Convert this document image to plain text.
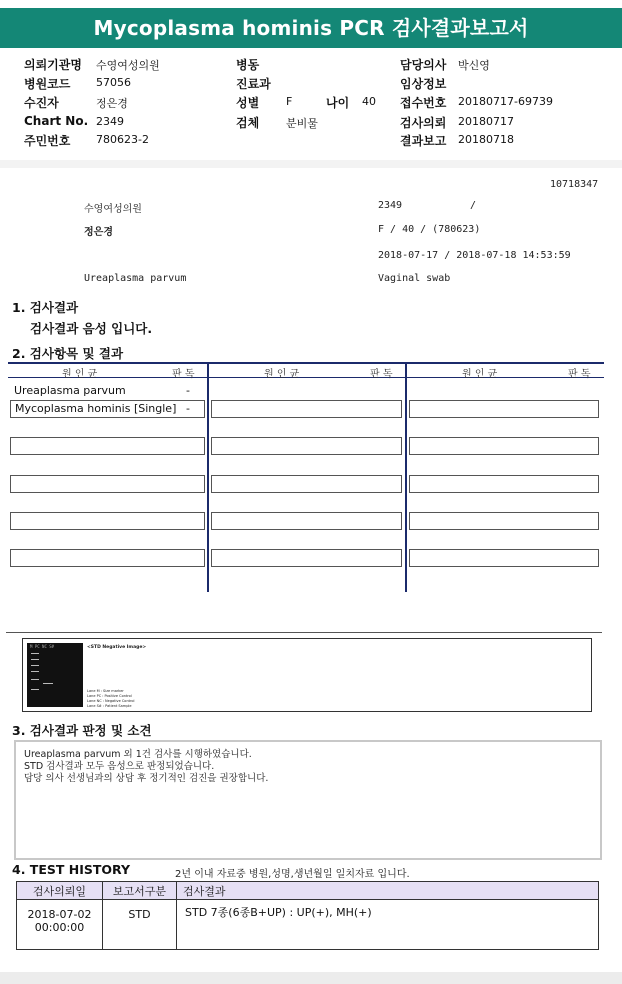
Mycoplasma hominis PCR 검사결과보고서
의뢰기관명 수영여성의원
병원코드 57056
수진자	정은경
Chart No. 2349
주민번호 780623-2
병동
진료과
성별 F	나이 40
검체 분비물
담당의사 박신영
임상정보
접수번호 20180717-69739
검사의뢰 20180717
결과보고 20180718
10718347
수영여성의원	2349	/
정은경	F / 40 / (780623)
2018-07-17 / 2018-07-18 14:53:59
Ureaplasma parvum	Vaginal swab
1. 검사결과
검사결과 음성 입니다.
2. 검사항목 및 결과
원 인 균	판 독	원 인 균	판 독	원 인 균	판 독
Ureaplasma parvum	-
Mycoplasma hominis [Single] -
M PC NC S#	<STD Negative Image>
Lane M : Size marker
Lane PC : Positive Control
Lane NC : Negative Control
Lane S# : Patient Sample
3. 검사결과 판정 및 소견
Ureaplasma parvum 외 1건 검사를 시행하였습니다.
STD 검사결과 모두 음성으로 판정되었습니다.
담당 의사 선생님과의 상담 후 정기적인 검진을 권장합니다.
4. TEST HISTORY	2년 이내 자료중 병원,성명,생년월일 일치자료 입니다.
검사의뢰일	보고서구분	검사결과

2018-07-02
00:00:00	STD	STD 7종(6종B+UP) : UP(+), MH(+)
